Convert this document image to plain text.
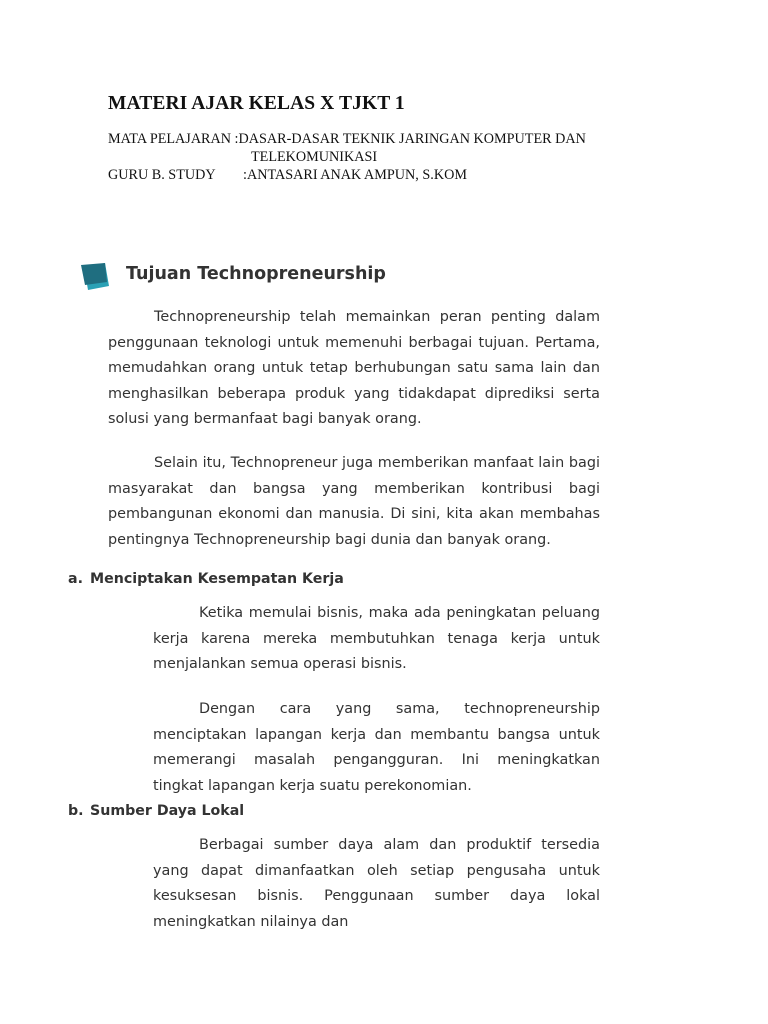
MATERI AJAR KELAS X TJKT 1
MATA PELAJARAN :DASAR-DASAR TEKNIK JARINGAN KOMPUTER DAN
TELEKOMUNIKASI
GURU B. STUDY :ANTASARI ANAK AMPUN, S.KOM
Tujuan Technopreneurship

Technopreneurship telah memainkan peran penting dalam penggunaan teknologi untuk memenuhi berbagai tujuan. Pertama, memudahkan orang untuk tetap berhubungan satu sama lain dan menghasilkan beberapa produk yang tidakdapat diprediksi serta solusi yang bermanfaat bagi banyak orang.

Selain itu, Technopreneur juga memberikan manfaat lain bagi masyarakat dan bangsa yang memberikan kontribusi bagi pembangunan ekonomi dan manusia. Di sini, kita akan membahas pentingnya Technopreneurship bagi dunia dan banyak orang.

a. Menciptakan Kesempatan Kerja

Ketika memulai bisnis, maka ada peningkatan peluang kerja karena mereka membutuhkan tenaga kerja untuk menjalankan semua operasi bisnis.

Dengan cara yang sama, technopreneurship menciptakan lapangan kerja dan membantu bangsa untuk memerangi masalah pengangguran. Ini meningkatkan tingkat lapangan kerja suatu perekonomian.

b. Sumber Daya Lokal

Berbagai sumber daya alam dan produktif tersedia yang dapat dimanfaatkan oleh setiap pengusaha untuk kesuksesan bisnis. Penggunaan sumber daya lokal meningkatkan nilainya dan
